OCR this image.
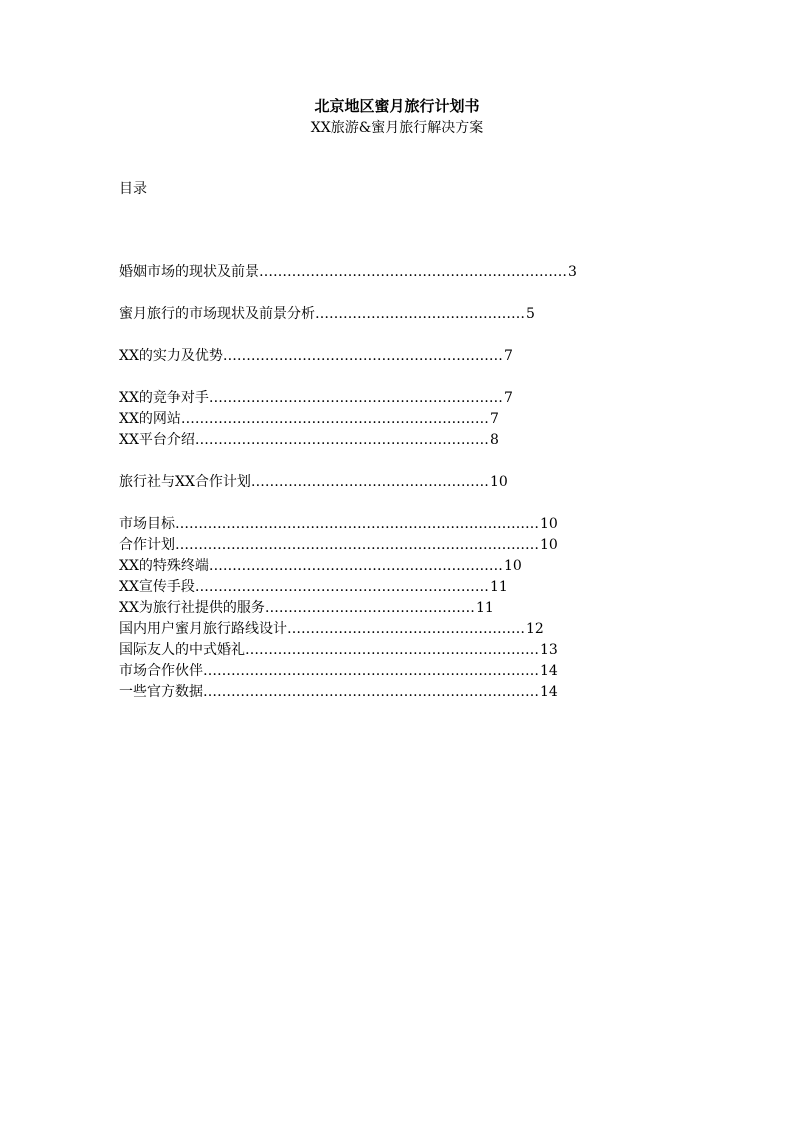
北京地区蜜月旅行计划书
XX旅游&蜜月旅行解决方案
目录
婚姻市场的现状及前景…………………………………………………………3
蜜月旅行的市场现状及前景分析………………………………………5
XX的实力及优势……………………………………………………7
XX的竞争对手………………………………………………………7
XX的网站…………………………………………………………7
XX平台介绍………………………………………………………8
旅行社与XX合作计划……………………………………………10
市场目标……………………………………………………………………10
合作计划……………………………………………………………………10
XX的特殊终端………………………………………………………10
XX宣传手段………………………………………………………11
XX为旅行社提供的服务………………………………………11
国内用户蜜月旅行路线设计……………………………………………12
国际友人的中式婚礼………………………………………………………13
市场合作伙伴………………………………………………………………14
一些官方数据………………………………………………………………14
